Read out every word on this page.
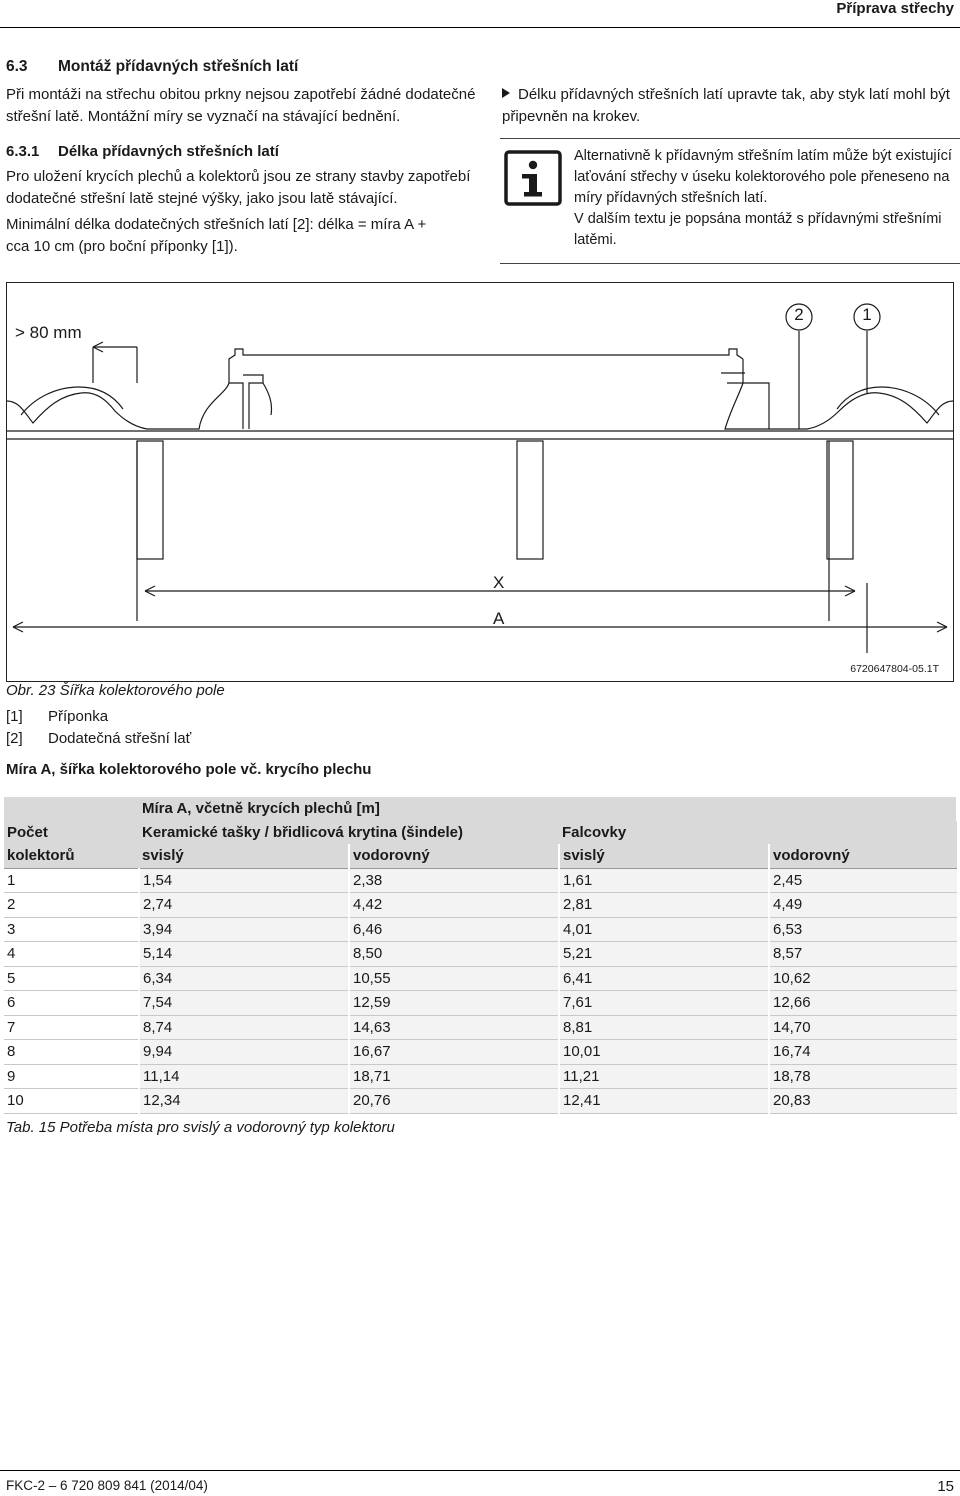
Příprava střechy
6.3 Montáž přídavných střešních latí

Při montáži na střechu obitou prkny nejsou zapotřebí žádné dodatečné střešní latě. Montážní míry se vyznačí na stávající bednění.

6.3.1 Délka přídavných střešních latí

Pro uložení krycích plechů a kolektorů jsou ze strany stavby zapotřebí dodatečné střešní latě stejné výšky, jako jsou latě stávající.

Minimální délka dodatečných střešních latí [2]: délka = míra A + cca 10 cm (pro boční příponky [1]).

Délku přídavných střešních latí upravte tak, aby styk latí mohl být připevněn na krokev.
Alternativně k přídavným střešním latím může být existující laťování střechy v úseku kolektorového pole přeneseno na míry přídavných střešních latí.
V dalším textu je popsána montáž s přídavnými střešními latěmi.
> 80 mm
2	1
X
A
6720647804-05.1T
Obr. 23 Šířka kolektorového pole
[1] Příponka
[2] Dodatečná střešní lať
Míra A, šířka kolektorového pole vč. krycího plechu
	Míra A, včetně krycích plechů [m]			
Počet	Keramické tašky / břidlicová krytina (šindele)		Falcovky	
kolektorů	svislý	vodorovný	svislý	vodorovný
1	1,54	2,38	1,61	2,45
2	2,74	4,42	2,81	4,49
3	3,94	6,46	4,01	6,53
4	5,14	8,50	5,21	8,57
5	6,34	10,55	6,41	10,62
6	7,54	12,59	7,61	12,66
7	8,74	14,63	8,81	14,70
8	9,94	16,67	10,01	16,74
9	11,14	18,71	11,21	18,78
10	12,34	20,76	12,41	20,83
Tab. 15 Potřeba místa pro svislý a vodorovný typ kolektoru
FKC-2 – 6 720 809 841 (2014/04)	15
